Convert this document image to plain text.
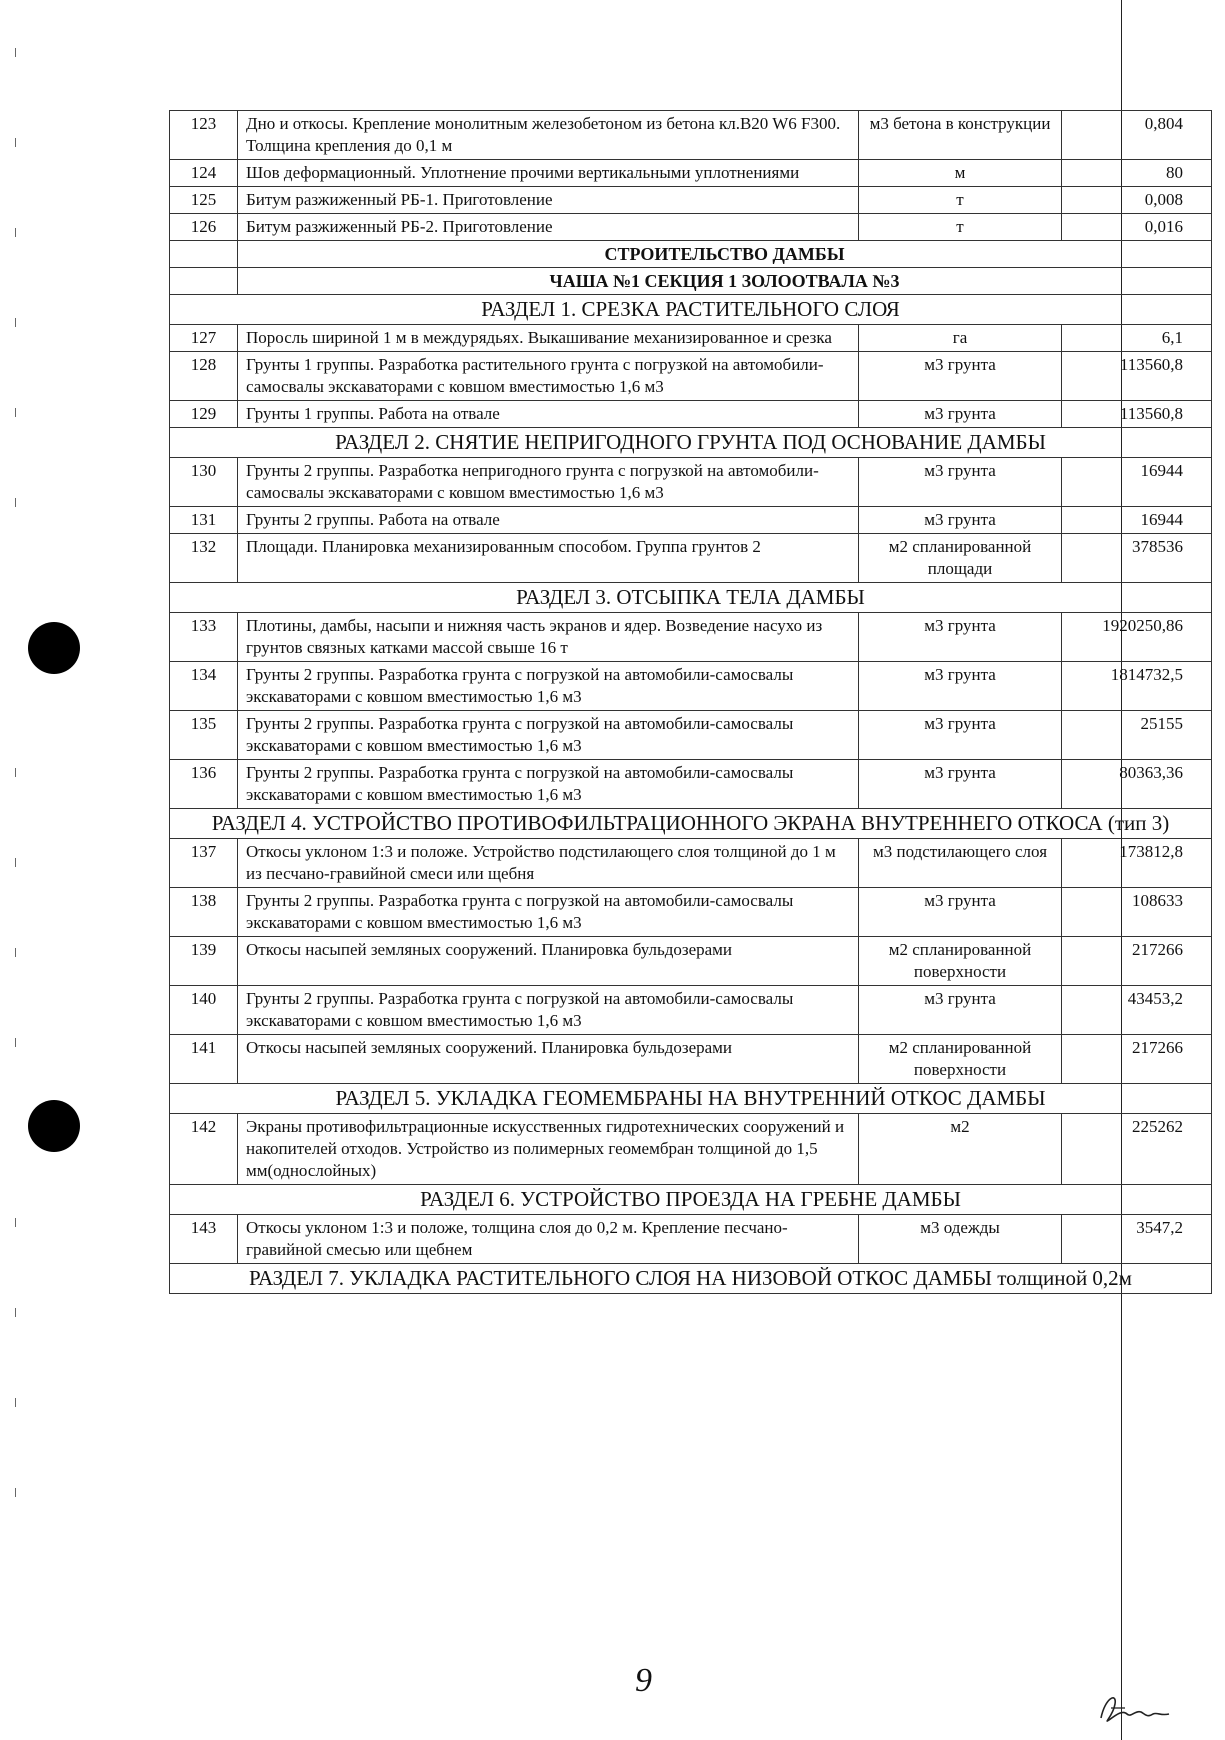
123	Дно и откосы. Крепление монолитным железобетоном из бетона кл.B20 W6 F300. Толщина крепления до 0,1 м	м3 бетона в конструкции	0,804
124	Шов деформационный. Уплотнение прочими вертикальными уплотнениями	м	80
125	Битум разжиженный РБ-1. Приготовление	т	0,008
126	Битум разжиженный РБ-2. Приготовление	т	0,016
	СТРОИТЕЛЬСТВО ДАМБЫ		
	ЧАША №1 СЕКЦИЯ 1 ЗОЛООТВАЛА №3		
РАЗДЕЛ 1. СРЕЗКА РАСТИТЕЛЬНОГО СЛОЯ			
127	Поросль шириной 1 м в междурядьях. Выкашивание механизированное и срезка	га	6,1
128	Грунты 1 группы. Разработка растительного грунта с погрузкой на автомобили-самосвалы экскаваторами с ковшом вместимостью 1,6 м3	м3 грунта	113560,8
129	Грунты 1 группы. Работа на отвале	м3 грунта	113560,8
РАЗДЕЛ 2. СНЯТИЕ НЕПРИГОДНОГО ГРУНТА ПОД ОСНОВАНИЕ ДАМБЫ			
130	Грунты 2 группы. Разработка непригодного грунта с погрузкой на автомобили-самосвалы экскаваторами с ковшом вместимостью 1,6 м3	м3 грунта	16944
131	Грунты 2 группы. Работа на отвале	м3 грунта	16944
132	Площади. Планировка механизированным способом. Группа грунтов 2	м2 спланированной площади	378536
РАЗДЕЛ 3. ОТСЫПКА ТЕЛА ДАМБЫ			
133	Плотины, дамбы, насыпи и нижняя часть экранов и ядер. Возведение насухо из грунтов связных катками массой свыше 16 т	м3 грунта	1920250,86
134	Грунты 2 группы. Разработка грунта с погрузкой на автомобили-самосвалы экскаваторами с ковшом вместимостью 1,6 м3	м3 грунта	1814732,5
135	Грунты 2 группы. Разработка грунта с погрузкой на автомобили-самосвалы экскаваторами с ковшом вместимостью 1,6 м3	м3 грунта	25155
136	Грунты 2 группы. Разработка грунта с погрузкой на автомобили-самосвалы экскаваторами с ковшом вместимостью 1,6 м3	м3 грунта	80363,36
РАЗДЕЛ 4. УСТРОЙСТВО ПРОТИВОФИЛЬТРАЦИОННОГО ЭКРАНА ВНУТРЕННЕГО ОТКОСА (тип 3)			
137	Откосы уклоном 1:3 и положе. Устройство подстилающего слоя толщиной до 1 м из песчано-гравийной смеси или щебня	м3 подстилающего слоя	173812,8
138	Грунты 2 группы. Разработка грунта с погрузкой на автомобили-самосвалы экскаваторами с ковшом вместимостью 1,6 м3	м3 грунта	108633
139	Откосы насыпей земляных сооружений. Планировка бульдозерами	м2 спланированной поверхности	217266
140	Грунты 2 группы. Разработка грунта с погрузкой на автомобили-самосвалы экскаваторами с ковшом вместимостью 1,6 м3	м3 грунта	43453,2
141	Откосы насыпей земляных сооружений. Планировка бульдозерами	м2 спланированной поверхности	217266
РАЗДЕЛ 5. УКЛАДКА ГЕОМЕМБРАНЫ НА ВНУТРЕННИЙ ОТКОС ДАМБЫ			
142	Экраны противофильтрационные искусственных гидротехнических сооружений и накопителей отходов. Устройство из полимерных геомембран толщиной до 1,5 мм(однослойных)	м2	225262
РАЗДЕЛ 6. УСТРОЙСТВО ПРОЕЗДА НА ГРЕБНЕ ДАМБЫ			
143	Откосы уклоном 1:3 и положе, толщина слоя до 0,2 м. Крепление песчано-гравийной смесью или щебнем	м3 одежды	3547,2
РАЗДЕЛ 7. УКЛАДКА РАСТИТЕЛЬНОГО СЛОЯ НА НИЗОВОЙ ОТКОС ДАМБЫ толщиной 0,2м			
9
